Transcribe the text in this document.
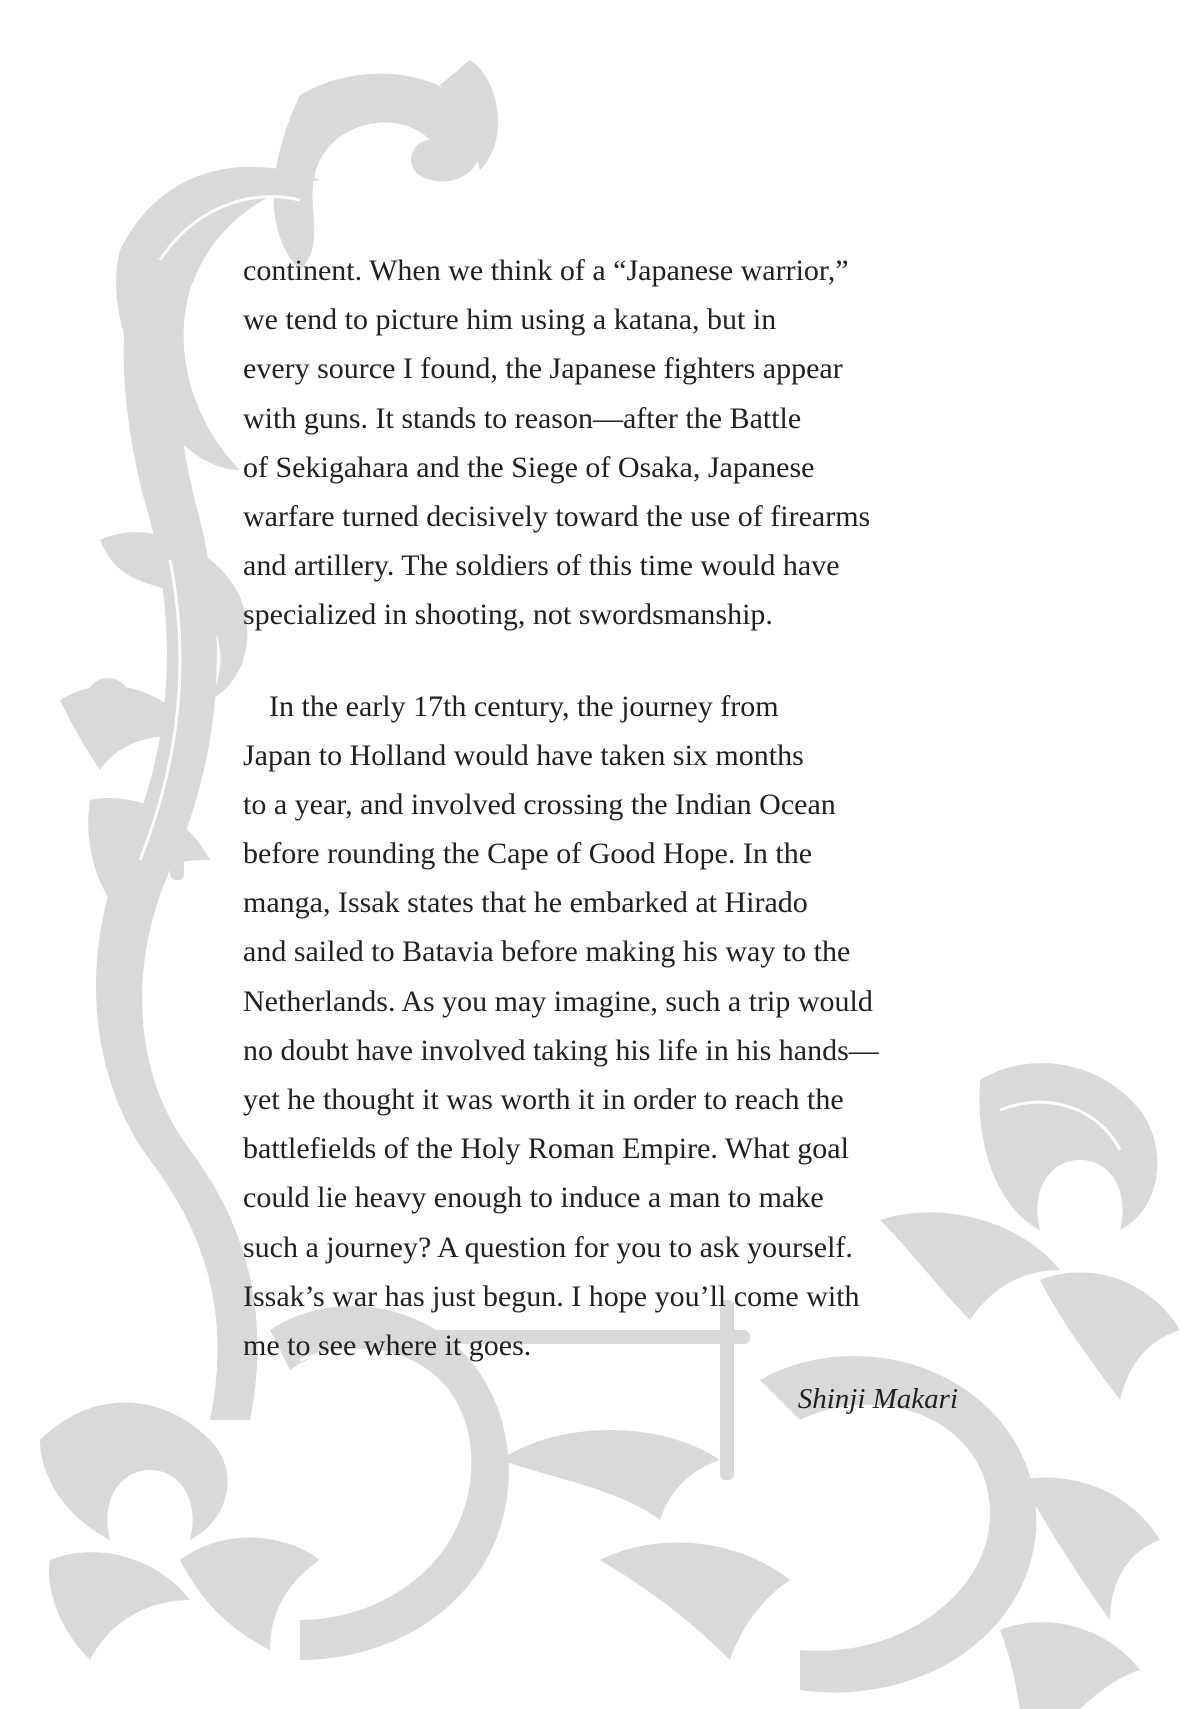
continent. When we think of a “Japanese warrior,”
we tend to picture him using a katana, but in
every source I found, the Japanese fighters appear
with guns. It stands to reason—after the Battle
of Sekigahara and the Siege of Osaka, Japanese
warfare turned decisively toward the use of firearms
and artillery. The soldiers of this time would have
specialized in shooting, not swordsmanship.
In the early 17th century, the journey from
Japan to Holland would have taken six months
to a year, and involved crossing the Indian Ocean
before rounding the Cape of Good Hope. In the
manga, Issak states that he embarked at Hirado
and sailed to Batavia before making his way to the
Netherlands. As you may imagine, such a trip would
no doubt have involved taking his life in his hands—
yet he thought it was worth it in order to reach the
battlefields of the Holy Roman Empire. What goal
could lie heavy enough to induce a man to make
such a journey? A question for you to ask yourself.
Issak’s war has just begun. I hope you’ll come with
me to see where it goes.
Shinji Makari
